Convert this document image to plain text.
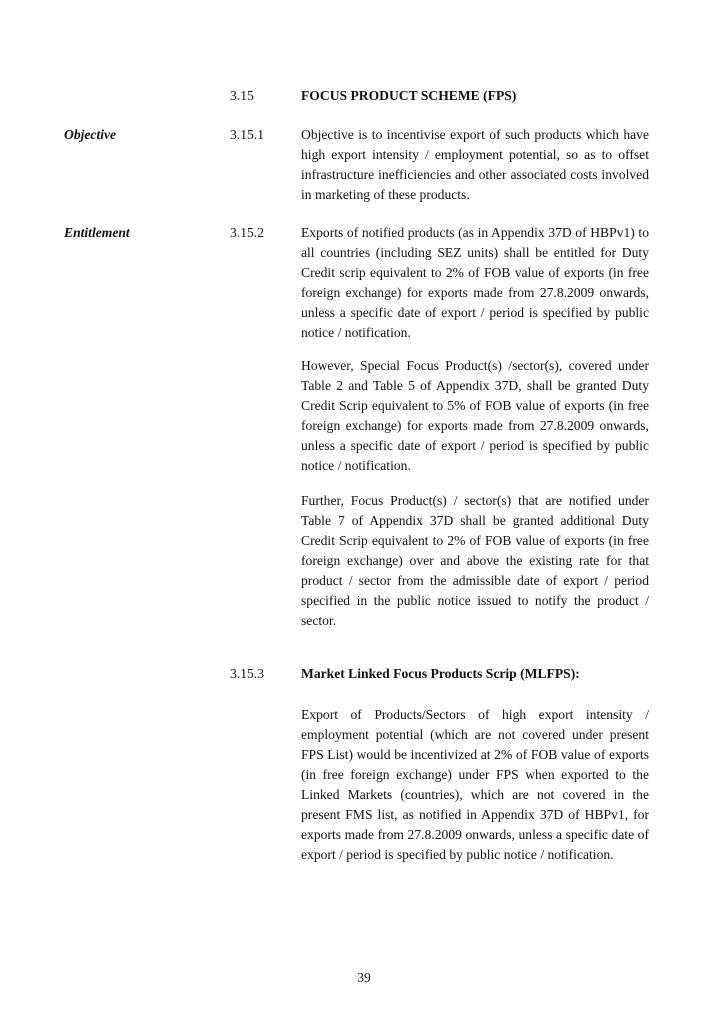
3.15	FOCUS PRODUCT SCHEME (FPS)
Objective	3.15.1	Objective is to incentivise export of such products which have high export intensity / employment potential, so as to offset infrastructure inefficiencies and other associated costs involved in marketing of these products.
Entitlement	3.15.2	Exports of notified products (as in Appendix 37D of HBPv1) to all countries (including SEZ units) shall be entitled for Duty Credit scrip equivalent to 2% of FOB value of exports (in free foreign exchange) for exports made from 27.8.2009 onwards, unless a specific date of export / period is specified by public notice / notification.
However, Special Focus Product(s) /sector(s), covered under Table 2 and Table 5 of Appendix 37D, shall be granted Duty Credit Scrip equivalent to 5% of FOB value of exports (in free foreign exchange) for exports made from 27.8.2009 onwards, unless a specific date of export / period is specified by public notice / notification.
Further, Focus Product(s) / sector(s) that are notified under Table 7 of Appendix 37D shall be granted additional Duty Credit Scrip equivalent to 2% of FOB value of exports (in free foreign exchange) over and above the existing rate for that product / sector from the admissible date of export / period specified in the public notice issued to notify the product / sector.
3.15.3	Market Linked Focus Products Scrip (MLFPS):
Export of Products/Sectors of high export intensity / employment potential (which are not covered under present FPS List) would be incentivized at 2% of FOB value of exports (in free foreign exchange) under FPS when exported to the Linked Markets (countries), which are not covered in the present FMS list, as notified in Appendix 37D of HBPv1, for exports made from 27.8.2009 onwards, unless a specific date of export / period is specified by public notice / notification.
39
